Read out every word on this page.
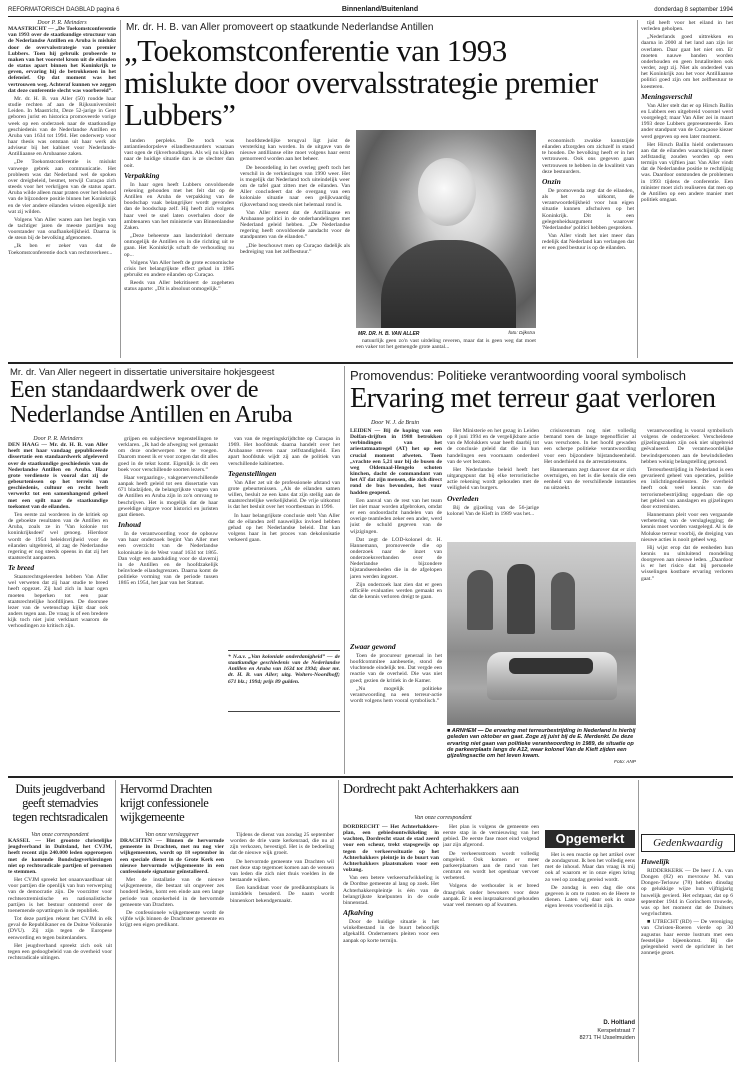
REFORMATORISCH DAGBLAD pagina 6	Binnenland/Buitenland	donderdag 8 september 1994
Door P. R. Meinders

MAASTRICHT — „De Toekomstconferentie van 1993 over de staatkundige structuur van de Nederlandse Antillen en Aruba is mislukt door de overvalsstrategie van premier Lubbers. Toen hij gebruik probeerde te maken van het voorstel krom uit de eilanden de status apart binnen het Koninkrijk te geven, ervaring hij de betrokkenen in het defensief. Op dat moment was het vertrouwen weg. Achteraf kunnen we zeggen dat deze conferentie slecht was voorbereid”.

Mr. dr. H. B. van Aller (50) rondde haar studie rechten af aan de Rijksuniversiteit Leiden. In Maastricht, Deze 52-jarige in Gent geboren jurist en historica promoveerde vorige week op een onderzoek naar de staatkundige geschiedenis van de Nederlandse Antillen en Aruba van 1634 tot 1994. Het onderwerp voor haar thesis was ontstaan uit haar werk als adviseur bij het kabinet voor Nederlands-Antilliaanse en Arubaanse zaken.

„De Toekomstconferentie is mislukt vanwege gebrek aan communicatie. Het probleem was dat Nederland wel de spoken over dreigbeleid, besmet, terwijl Curaçao zich steeds voor het verkrijgen van de status apart. Aruba wilde alleen maar praten over het behoud van de bijzondere positie binnen het Koninkrijk en de vier andere eilanden wisten eigenlijk niet wat zij wilden.

Volgens Van Aller waren aan het begin van de tachtiger jaren de meeste partijen nog voorstander van onafhankelijkheid. Daarna is de steun bij de bevolking afgenomen.

„Ik ben er zeker van dat de Toekomstconferentie doch van rechtsverkeer...

Mr. dr. H. B. van Aller promoveert op staatkunde Nederlandse Antillen
„Toekomstconferentie van 1993 mislukte door overvalsstrategie premier Lubbers”

landen perpleks. De toch was antiantiesdorpsleve eilandbestuurders waaraan vast ogen de rijkverhoudingen. Als wij nu kijken naar de huidige situatie dan is ze slechter dan ooit.

Verpakking

In haar ogen heeft Lubbers onvoldoende rekening gehouden met het feit dat op de Antillen en Aruba de verpakking van de boodschap vaak belangrijker wordt gevonden dan de boodschap zelf. Hij heeft zich volgens haar veel te snel laten overhalen door de ambtenaren van het ministerie van Binnenlandse Zaken.

„Deze beheerste aan landstrinkel dermate onmogelijk de Antillen en in die richting uit te gaan. Het Koninkrijk schaft de verhouding nu op...

Volgens Van Aller heeft de grote economische crisis het belangrijkste effect gehad in 1985 gebruikt en andere eilanden op Curaçao.

Reeds van Aller bekritiseert de zogeheten status aparte: „Dit is absoluut onmogelijk.”

hoofdstedelijke terugval ligt juist de versterking kan worden. In de uitgave van de nieuwe antillianse elite moet volgens haar eerst gemorreerd worden aan het beheer.

De beoordeling in het overleg geeft toch het verschil in de verkiezingen van 1990 weer. Het is mogelijk dat Nederland toch uiteindelijk weer om de tafel gaat zitten met de eilanden. Van Aller concludeert dat de overgang van een koloniale situatie naar een gelijkwaardig rijksverband nog steeds niet helemaal rond is.

Van Aller meent dat de Antilliaanse en Arubaanse politici in de onderhandelingen met Nederland geleid hebben. „De Nederlandse regering heeft onvoldoende aandacht voor de standpunten van de eilanden.”

„Die beschouwt men op Curaçao dadelijk als bedreiging van het zelfbestuur.”

MR. DR. H. B. VAN ALLER	foto: Dijkstra

natuurlijk geen zo'n vast uitdeling reveren, maar dat is geen weg dat moet een vaker tot het gemengde grote aantal...

economisch zwakke kunstzijde eilanden afzorgden om zichzelf in stand te houden. De bevolking heeft er in het vertrouwen. Ook ons gegeven gaan vertrouwen te hebben in de kwaliteit van deze bestuurders.

Onzin

De promovenda zegt dat de eilanden, als het zo uitkomt, de verantwoordelijkheid voor hun eigen situatie kunnen afschuiven op het Koninkrijk. Dit is een gelegenheidsargument waarover 'Nederlandse' politici hebben gesproken.

Van Aller vindt het niet meer dan redelijk dat Nederland kan verlangen dat er een goed bestuur is op de eilanden.

tijd heeft voor het eiland in het verleden geholpen.

„Nederlands goed uittrekken en daarna in 2000 al het land aan zijn lot overlaten. Daar gaat het niet om. Er moeten nauwe banden worden onderhouden en geen brutaliteiten ook verder, zegt zij. Niet als onderdeel van het Koninkrijk zou het voor Antilliaanse politici goed zijn om het zelfbestuur te koesteren.

Meningsverschil

Van Aller stelt dat er op Hirsch Ballin en Lubbers een uitgebreid voorstel werd voorgelegd; maar Van Aller zei in maart 1993 deze Lubbers gepresenteerde. Een ander standpunt van de Curaçaose kiezer werd gegeven op een later moment.

Het Hirsch Ballin hield ondertussen aan dat de eilanden waarschijnlijk meer zelfstandig zouden worden op een termijn van vijftien jaar. Van Aller vindt dat de Nederlandse positie te rechtlijnig was. Daardoor ontstonden de problemen in 1993 tijdens de conferentie. Een minister moet zich realiseren dat men op de Antillen op een andere manier met politiek omgaat.

Mr. dr. Van Aller negeert in dissertatie universitaire hokjesgeest
Een standaardwerk over de Nederlandse Antillen en Aruba
Door P. R. Meinders

DEN HAAG — Mr. dr. H. B. van Aller heeft met haar vandaag gepubliceerde dissertatie een standaardwerk afgeleverd over de staatkundige geschiedenis van de Nederlandse Antillen en Aruba. Haar grote verdienste is vooral dat zij de gebeurtenissen op het terrein van geschiedenis, cultuur en recht heeft verwerkt tot een samenhangend geheel met een spilt naar de staatkundige toekomst van de eilanden.

Ten eerste zal worderen in de kritiek op de geboekte resultaten van de Antillen en Aruba, zoals ze in 'Van kolonie tot koninkrijksdeel' wel genoeg. Hierdoor wordt de 1954 beleidsvrijheid voor de eilanden uitgebreid, al zag de Nederlandse regering er nog steeds opeens in dat zij het staatsrecht aanpasten.

Te breed

Staatsrechtsgeleerden hebben Van Aller wel verweten dat zij haar studie te breed heeft opgezet. Zij had zich in haar ogen moeten beperken tot een paar staatsrechtelijke hoofdlijnen. De doorsnee lezer van de wetenschap kijkt daar ook anders tegen aan. De vraag is of een bredere kijk toch niet juist verklaart waarom de verhoudingen zo kritisch zijn.

grijpen en subjectieve tegenstellingen te verklaren. „Ik had de afweging wel gemaakt om deze onderwerpen toe te voegen. Daarom moest ik er voor zorgen dat dit alles goed in de tekst komt. Eigenlijk is dit een boek voor verschillende soorten lezers.”

Haar vergaarings-, vakgenerverschillende aanpak heeft geleid tot een dissertatie van 671 bladzijden, de belangrijkste vragen van de Antillen en Aruba zijn in zo'n omvang te beschrijven. Het is mogelijk dat de haar geweldige uitgave voor historici en juristen gaat dienen.

Inhoud

In de verantwoording voor de opbouw van haar onderzoek begint Van Aller met een overzicht van de Nederlandse kolonisatie in de West vanaf 1634 tot 1865. Dan volgt een aanduiding voor de slavernij in de Antillen en de hoofdzakelijk beïnvloede eilandsgrenzen. Daarna komt de politieke vorming van de periode tussen 1865 en 1954, het jaar van het Statuut.

van van de regeringskrijdtchte op Curaçao in 1969. Het hoofdstuk daarna handelt over het Arubaanse streven naar zelfstandigheid. Een apart hoofdstuk wijdt zij aan de politiek van verschillende kabinetten.

Tegenstellingen

Van Aller zet uit de professionele afstand van grote gebeurtenissen. „Als de eilanden samen willen, besluit ze een kans dat zijn stellig aan de staatsrechtelijke werkelijkheid. De vrije uitkomst is dat het besluit over het voortbestaan in 1996.

In haar belangrijkste conclusie stelt Van Aller dat de eilanden zelf nauwelijks invloed hebben gehad op het Nederlandse beleid. Dat kan volgens haar in het proces van dekolonisatie verkeerd gaan.

* N.a.v. „Van koloniale onderdanigheid” — de staatkundige geschiedenis van de Nederlandse Antillen en Aruba van 1634 tot 1994; door mr. dr. H. B. van Aller; uitg. Wolters-Noordhoff; 671 blz.; 1994; prijs 89 gulden.
Promovendus: Politieke verantwoording vooral symbolisch
Ervaring met terreur gaat verloren
Door W. J. de Bruin

LEIDEN — Bij de koping van een Dolfan-drijften in 1988 betrokken verbindingen van het ariestatmaatregel (AT) het op een crucial moment afweten. Toen „vrachte een 5,21 uur bij de busen de weg Oldemaal-Hengelo schoten kinchen, dacht de commandant van het AT dat zijn mensen, die zich direct rond de bus bevonden, het vuur hadden geopend.

Een aanval van de rest van het team liet niet maar worden afgebroken, omdat er een ondoordacht handelen van de overige teamleden zeker een ander, werd juist de schuld gegeven van de wijzigingen.

Dat zegt de LOD-kolonel dr. H. Hannemann, promoveerde die op onderzoek naar de inzet van onderzoeksverbanden over de Nederlandse bijzondere bijstandseenheden die in de afgelopen jaren werden ingezet.

Zijn onderzoek laat zien dat er geen officiële evaluaties werden gemaakt en dat de kennis verloren dreigt te gaan.

Het Ministerie en het gezag in Leiden op 8 juni 1994 en de vergelijkbare actie van de Molukkers waar heeft daarbij tot de conclusie geleid dat die in hun handelingen een voornaam onderdeel van de wet bezaten.

Het Nederlandse beleid heeft het uitgangspunt dat bij elke terroristische actie rekening wordt gehouden met de veiligheid van burgers.

Overleden

Bij de gijzeling van de 56-jarige kolonel Van de Kieft in 1989 was het...

crisiscentrum nog niet volledig bemand toen de lange tegenofficier al was verschoten. In het hoofd gewaden een scherpe politieke verantwoording voor een bijzondere bijstandseenheid. Het onderhield nu de arrestatieteams.

Hannemann zegt daarover dat er zich overtuigen, en het is die kennis die een eenheid van de verschillende instanties nu uitzoekt.

verantwoording is vooral symbolisch volgens de onderzoeker. Verscheidene gijzelingszaken zijn ook niet uitgebreid geëvalueerd. De verantwoordelijke bewindspersonen aan de bewindslieden hebben weinig belangstelling getoond.

Terreurbestrijding in Nederland is een gevarieerd geheel van operaties, politie en inlichtingendiensten. De overheid heeft ook veel kennis van de terrorismebestrijding opgedaan die op het gebied van aanslagen en gijzelingen door extremisten.

Hannemann pleit voor een vergaande verbetering van de verslaglegging; de kennis moet worden vastgelegd. Al is de Molukse terreur voorbij, de dreiging van nieuwe acties is nooit geheel weg.

Hij wijst erop dat de eenheden hun kennis nu uitsluitend mondeling doorgeven aan nieuwe leden. „Daardoor is er het risico dat bij personele wisselingen kostbare ervaring verloren gaat.”

■ ARNHEM — De ervaring met terreurbestrijding in Nederland is hierbij geleden van oktober en gaat. Zoge zij juist bij de E. Merdenkt. De deze ervaring niet gaan van politieke verantwoording in 1989, de situatie op de parkeerplaats langs de A12, waar kolonel Van de Kieft zijden een gijzelingsactie om het leven kwam.
Foto: ANP

Zwaar gewond

Toen de procureur generaal in het hoofdcommitee aanbesetie, stond de vluchtende eindelijk ten. Dat vergde een reactie van de overheid. Die was niet goed; gezien de kritiek in de Kamer.

„Nu mogelijk politieke verantwoording na een terreur-actie wordt volgens hem vooral symbolisch.”

Duits jeugdverband geeft stemadvies tegen rechtsradicalen
Van onze correspondent

KASSEL — Het grootste christelijke jeugdverband in Duitsland, het CVJM, heeft recent zijn 240.000 leden opgeroepen met de komende Bondsdagverkiezingen niet op rechtsradicale partijen of personen te stemmen.

Het CVJM spreekt het onaanvaardbaar uit voor partijen die openlijk van hun verwerping van de democratie zijn. De voorzitter voor rechtsextremistische en nationalistische partijen is het bestuur ontstemd over de toenemende opvattingen in de republiek.

Tot deze partijen rekent het CVJM in elk geval de Republikaner en de Duitse Volksunie (DVU). Zij zijn tegen de Europese eenwording en tegen buitenlanders.

Het jeugdverband spreekt zich ook uit tegen een gedoogbeleid van de overheid voor rechtsradicale uitingen.

Hervormd Drachten krijgt confessionele wijkgemeente
Van onze verslaggever

DRACHTEN — Binnen de hervormde gemeente in Drachten, met nu nog vier wijkgemeenten, wordt op 18 september in een speciale dienst in de Grote Kerk een nieuwe hervormde wijkgemeente in een confessionele signatuur geïnstalleerd.

Met de installatie van de nieuwe wijkgemeente, die bestaat uit ongeveer zes honderd leden, komt een einde aan een lange periode van onzekerheid in de hervormde gemeente van Drachten.

De confessionele wijkgemeente wordt de vijfde wijk binnen de Drachtster gemeente en krijgt een eigen predikant.

Tijdens de dienst van zondag 25 september worden de drie vaste kerkenraad, die nu al zijn verkozen, bevestigd. Het is de bedoeling dat de nieuwe wijk groeit.

De hervormde gemeente van Drachten wil met deze stap tegemoet komen aan de wensen van leden die zich niet thuis voelden in de bestaande wijken.

Een kandidaat voor de predikantsplaats is inmiddels benaderd. De naam wordt binnenkort bekendgemaakt.

Dordrecht pakt Achterhakkers aan
Van onze correspondent

DORDRECHT — Het Achterhakkers-plan, een gebiedsontwikkeling in wachten, Dordrecht staat de stad zeerd voor een scheur, trekt stapsgewijs op tegen de verkeerssituatie op het Achterhakkers pleintje in de buurt van Achterhakkers plaatsmaken voor een volzang.

Van een betere verkeersafwikkeling is de Dordtse gemeente al lang op zoek. Het Achterhakkerspleintje is één van de belangrijkste knelpunten in de oude binnenstad.

Afkalving

Door de huidige situatie is het winkelbestand in de buurt behoorlijk afgekalfd. Ondernemers pleiten voor een aanpak op korte termijn.

Het plan is volgens de gemeente een eerste stap in de vernieuwing van het gebied. De eerste fase moet eind volgend jaar zijn afgerond.

De verkeersstroom wordt volledig omgeleid. Ook komen er meer parkeerplaatsen aan de rand van het centrum en wordt het openbaar vervoer verbeterd.

Volgens de wethouder is er breed draagvlak onder bewoners voor deze aanpak. Er is een inspraakavond gehouden waar veel mensen op af kwamen.

Opgemerkt

Het is een reactie op het artikel over de zondagsrust. Ik ben het volledig eens met de inhoud. Maar dan vraag ik mij ook af waarom er in onze eigen kring zo veel op zondag gereisd wordt.

De zondag is een dag die ons gegeven is om te rusten en de Heere te dienen. Laten wij daar ook in onze eigen levens voorbeeld in zijn.

D. Holtland
Kerspelstraat 7
8271 TH IJsselmuiden
Gedenkwaardig

Huwelijk

RIDDERKERK — De heer J. A. van Dongen (82) en mevrouw M. van Dongen-Terlouw (78) hebben dinsdag op gelukkige wijze hun vijftigjarig huwelijk gevierd. Het echtpaar, dat op 6 september 1944 in Gorinchem trouwde, was op het moment dat de Duitsers wegvluchtten.

■ UTRECHT (RD) — De vereniging van Christen-Boeren vierde op 30 augustus haar eerste lustrum met een feestelijke bijeenkomst. Bij die gelegenheid werd de oprichter in het zonnetje gezet.
